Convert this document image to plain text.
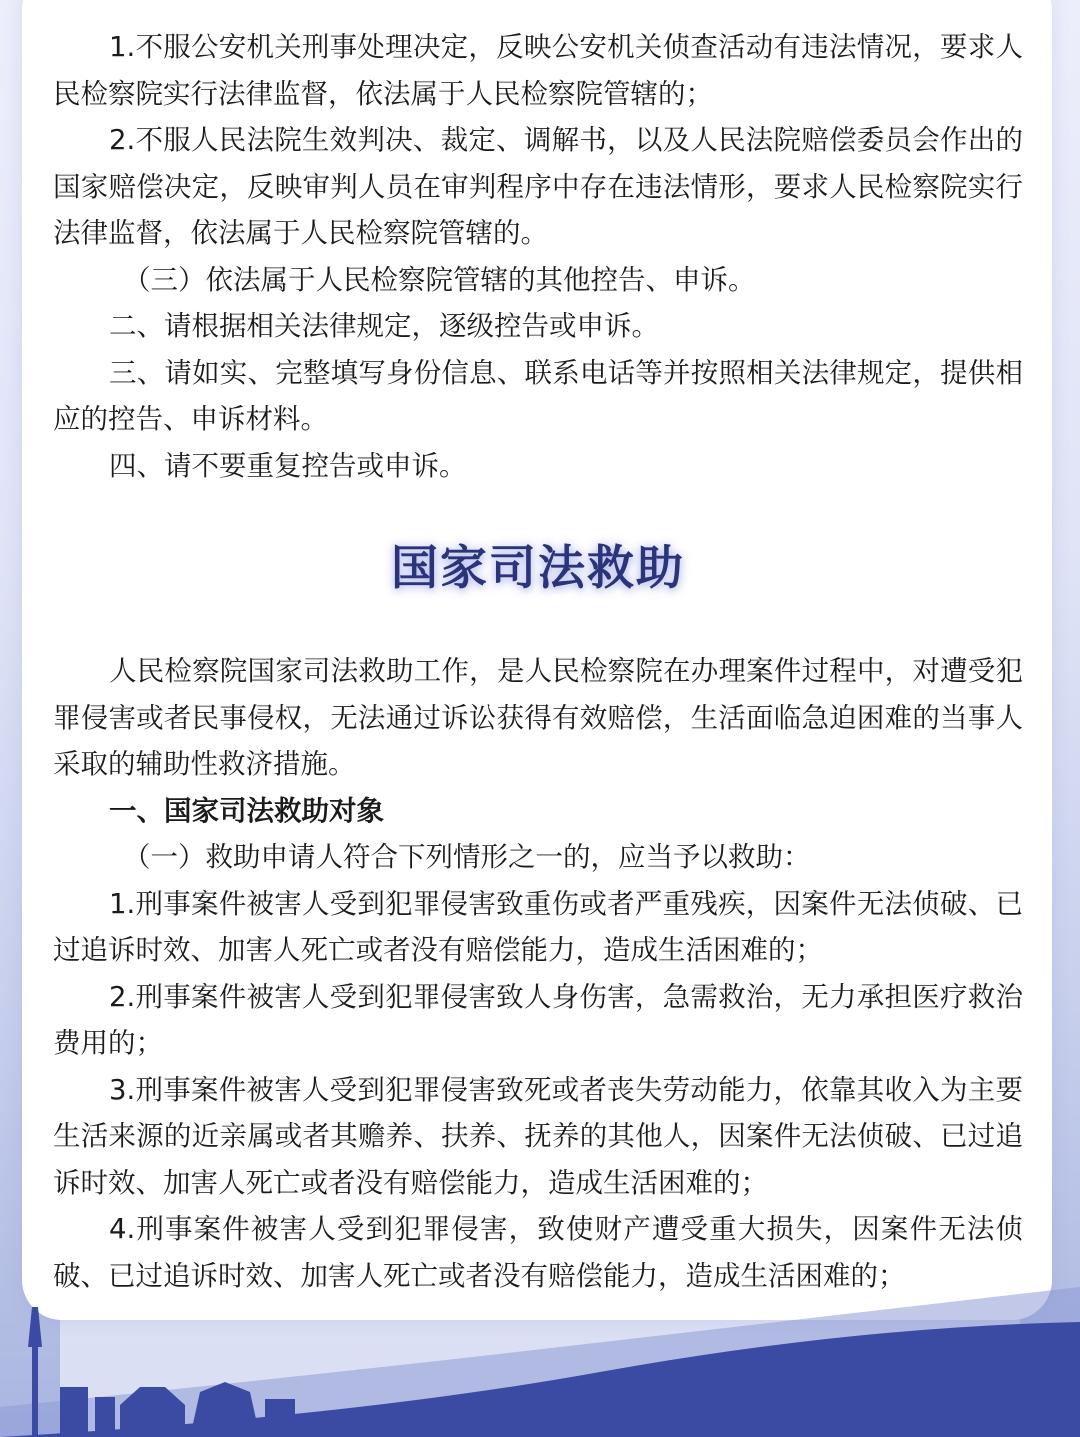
1.不服公安机关刑事处理决定，反映公安机关侦查活动有违法情况，要求人民检察院实行法律监督，依法属于人民检察院管辖的；

2.不服人民法院生效判决、裁定、调解书，以及人民法院赔偿委员会作出的国家赔偿决定，反映审判人员在审判程序中存在违法情形，要求人民检察院实行法律监督，依法属于人民检察院管辖的。

（三）依法属于人民检察院管辖的其他控告、申诉。

二、请根据相关法律规定，逐级控告或申诉。

三、请如实、完整填写身份信息、联系电话等并按照相关法律规定，提供相应的控告、申诉材料。

四、请不要重复控告或申诉。

国家司法救助

人民检察院国家司法救助工作，是人民检察院在办理案件过程中，对遭受犯罪侵害或者民事侵权，无法通过诉讼获得有效赔偿，生活面临急迫困难的当事人采取的辅助性救济措施。

一、国家司法救助对象

（一）救助申请人符合下列情形之一的，应当予以救助：

1.刑事案件被害人受到犯罪侵害致重伤或者严重残疾，因案件无法侦破、已过追诉时效、加害人死亡或者没有赔偿能力，造成生活困难的；

2.刑事案件被害人受到犯罪侵害致人身伤害，急需救治，无力承担医疗救治费用的；

3.刑事案件被害人受到犯罪侵害致死或者丧失劳动能力，依靠其收入为主要生活来源的近亲属或者其赡养、扶养、抚养的其他人，因案件无法侦破、已过追诉时效、加害人死亡或者没有赔偿能力，造成生活困难的；

4.刑事案件被害人受到犯罪侵害，致使财产遭受重大损失，因案件无法侦破、已过追诉时效、加害人死亡或者没有赔偿能力，造成生活困难的；
